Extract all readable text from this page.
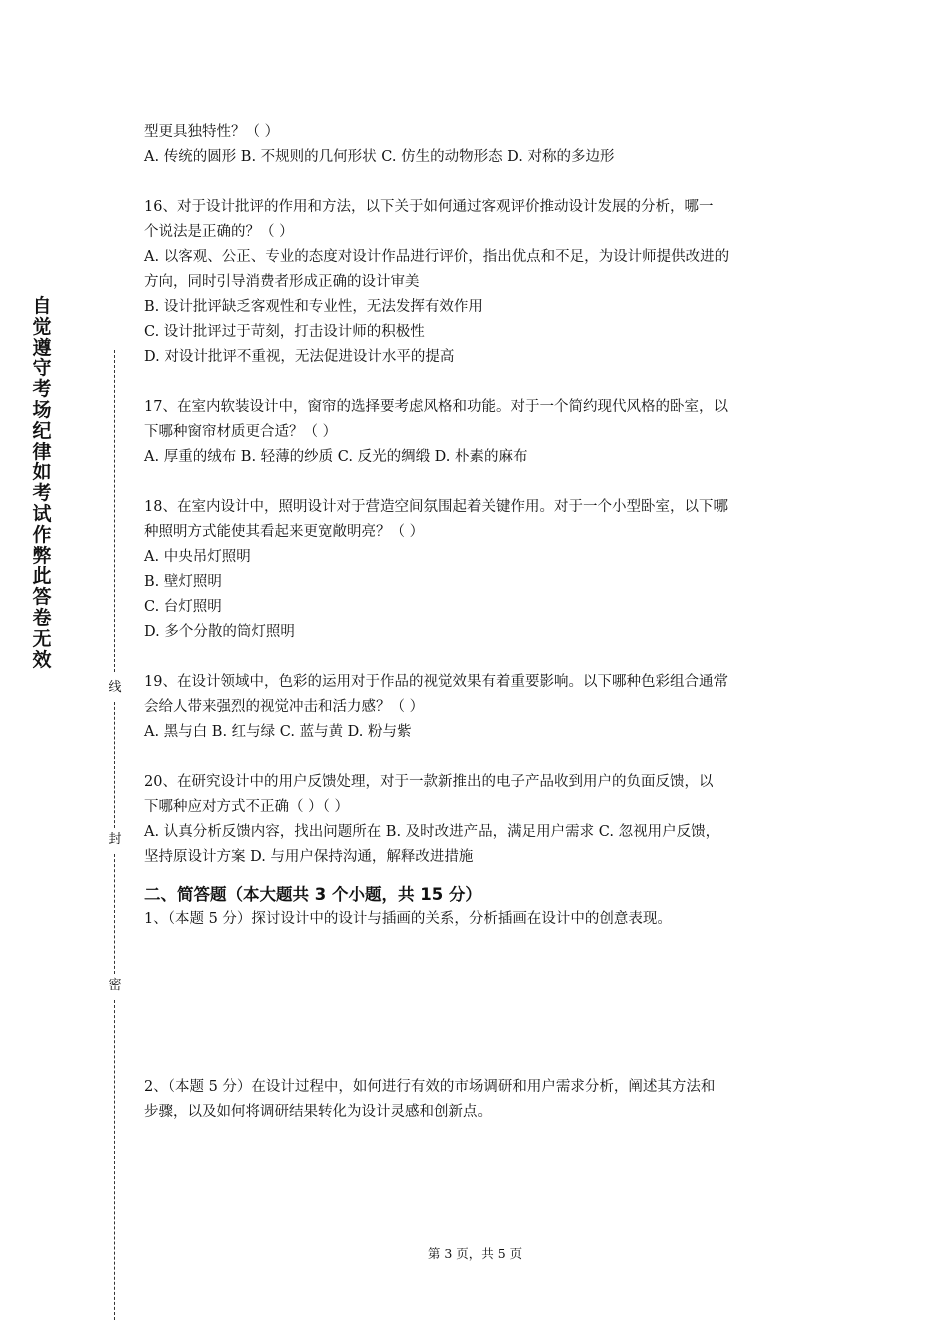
自觉遵守考场纪律如考试作弊此答卷无效
线
封
密

型更具独特性？（ ）

A. 传统的圆形 B. 不规则的几何形状 C. 仿生的动物形态 D. 对称的多边形

16、对于设计批评的作用和方法，以下关于如何通过客观评价推动设计发展的分析，哪一

个说法是正确的？（ ）

A. 以客观、公正、专业的态度对设计作品进行评价，指出优点和不足，为设计师提供改进的

方向，同时引导消费者形成正确的设计审美

B. 设计批评缺乏客观性和专业性，无法发挥有效作用

C. 设计批评过于苛刻，打击设计师的积极性

D. 对设计批评不重视，无法促进设计水平的提高

17、在室内软装设计中，窗帘的选择要考虑风格和功能。对于一个简约现代风格的卧室，以

下哪种窗帘材质更合适？（ ）

A. 厚重的绒布 B. 轻薄的纱质 C. 反光的绸缎 D. 朴素的麻布

18、在室内设计中，照明设计对于营造空间氛围起着关键作用。对于一个小型卧室，以下哪

种照明方式能使其看起来更宽敞明亮？（ ）

A. 中央吊灯照明

B. 壁灯照明

C. 台灯照明

D. 多个分散的筒灯照明

19、在设计领域中，色彩的运用对于作品的视觉效果有着重要影响。以下哪种色彩组合通常

会给人带来强烈的视觉冲击和活力感？（ ）

A. 黑与白 B. 红与绿 C. 蓝与黄 D. 粉与紫

20、在研究设计中的用户反馈处理，对于一款新推出的电子产品收到用户的负面反馈，以

下哪种应对方式不正确（ ）（ ）

A. 认真分析反馈内容，找出问题所在 B. 及时改进产品，满足用户需求 C. 忽视用户反馈，

坚持原设计方案 D. 与用户保持沟通，解释改进措施

二、简答题（本大题共 3 个小题，共 15 分）

1、（本题 5 分）探讨设计中的设计与插画的关系，分析插画在设计中的创意表现。

2、（本题 5 分）在设计过程中，如何进行有效的市场调研和用户需求分析，阐述其方法和

步骤，以及如何将调研结果转化为设计灵感和创新点。

第 3 页，共 5 页
